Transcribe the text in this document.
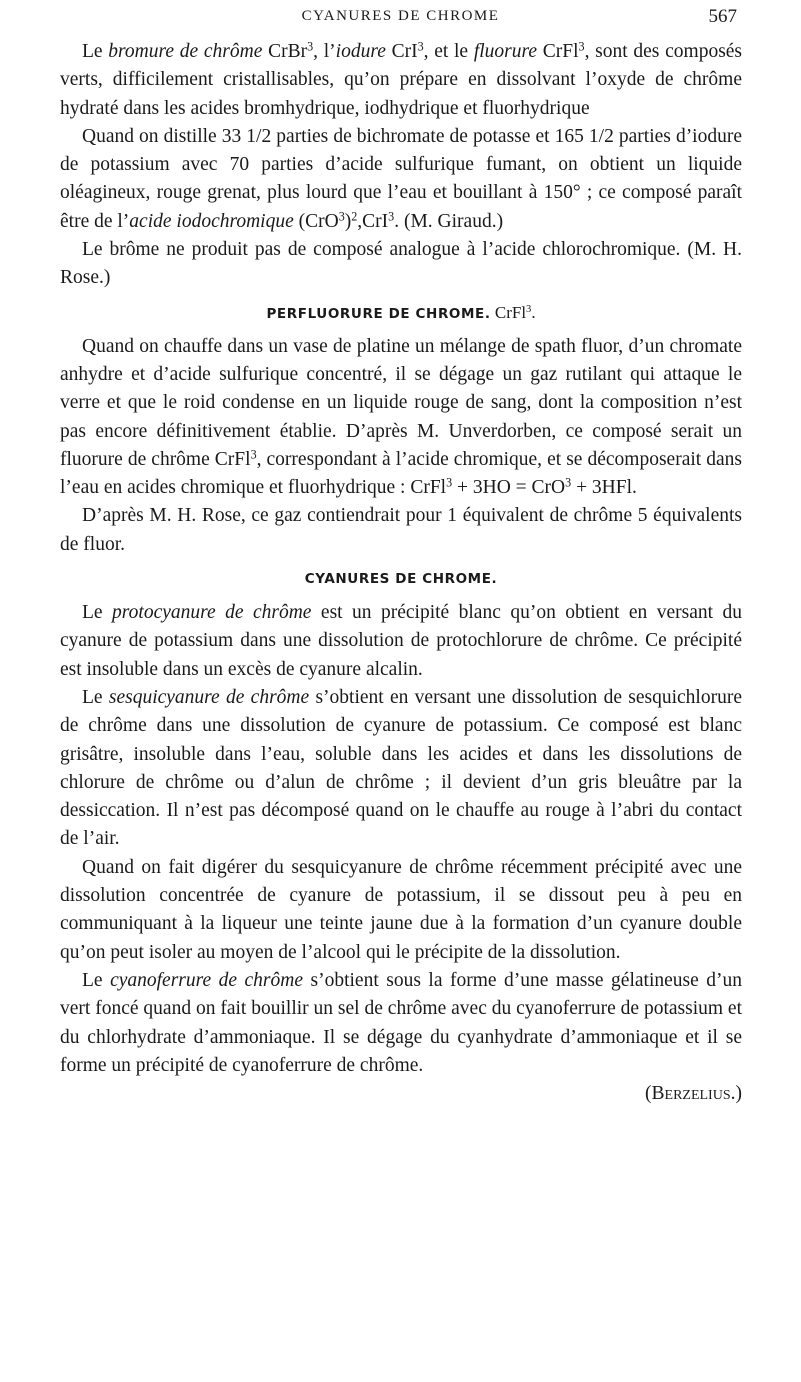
CYANURES DE CHROME	567

Le bromure de chrôme CrBr$^3$, l’iodure CrI$^3$, et le fluorure CrFl$^3$, sont des composés verts, difficilement cristallisables, qu’on prépare en dissolvant l’oxyde de chrôme hydraté dans les acides bromhydrique, iodhydrique et fluorhydrique

Quand on distille 33 1/2 parties de bichromate de potasse et 165 1/2 parties d’iodure de potassium avec 70 parties d’acide sulfurique fumant, on obtient un liquide oléagineux, rouge grenat, plus lourd que l’eau et bouillant à 150° ; ce composé paraît être de l’acide iodochromique $(CrO^3)^2,CrI^3$. (M. Giraud.)

Le brôme ne produit pas de composé analogue à l’acide chlorochromique. (M. H. Rose.)

PERFLUORURE DE CHROME. CrFl$^3$.

Quand on chauffe dans un vase de platine un mélange de spath fluor, d’un chromate anhydre et d’acide sulfurique concentré, il se dégage un gaz rutilant qui attaque le verre et que le roid condense en un liquide rouge de sang, dont la composition n’est pas encore définitivement établie. D’après M. Unverdorben, ce composé serait un fluorure de chrôme CrFl$^3$, correspondant à l’acide chromique, et se décomposerait dans l’eau en acides chromique et fluorhydrique : CrFl$^3$ + 3HO = CrO$^3$ + 3HFl.

D’après M. H. Rose, ce gaz contiendrait pour 1 équivalent de chrôme 5 équivalents de fluor.

CYANURES DE CHROME.

Le protocyanure de chrôme est un précipité blanc qu’on obtient en versant du cyanure de potassium dans une dissolution de protochlorure de chrôme. Ce précipité est insoluble dans un excès de cyanure alcalin.

Le sesquicyanure de chrôme s’obtient en versant une dissolution de sesquichlorure de chrôme dans une dissolution de cyanure de potassium. Ce composé est blanc grisâtre, insoluble dans l’eau, soluble dans les acides et dans les dissolutions de chlorure de chrôme ou d’alun de chrôme ; il devient d’un gris bleuâtre par la dessiccation. Il n’est pas décomposé quand on le chauffe au rouge à l’abri du contact de l’air.

Quand on fait digérer du sesquicyanure de chrôme récemment précipité avec une dissolution concentrée de cyanure de potassium, il se dissout peu à peu en communiquant à la liqueur une teinte jaune due à la formation d’un cyanure double qu’on peut isoler au moyen de l’alcool qui le précipite de la dissolution.

Le cyanoferrure de chrôme s’obtient sous la forme d’une masse gélatineuse d’un vert foncé quand on fait bouillir un sel de chrôme avec du cyanoferrure de potassium et du chlorhydrate d’ammoniaque. Il se dégage du cyanhydrate d’ammoniaque et il se forme un précipité de cyanoferrure de chrôme.
(Berzelius.)
